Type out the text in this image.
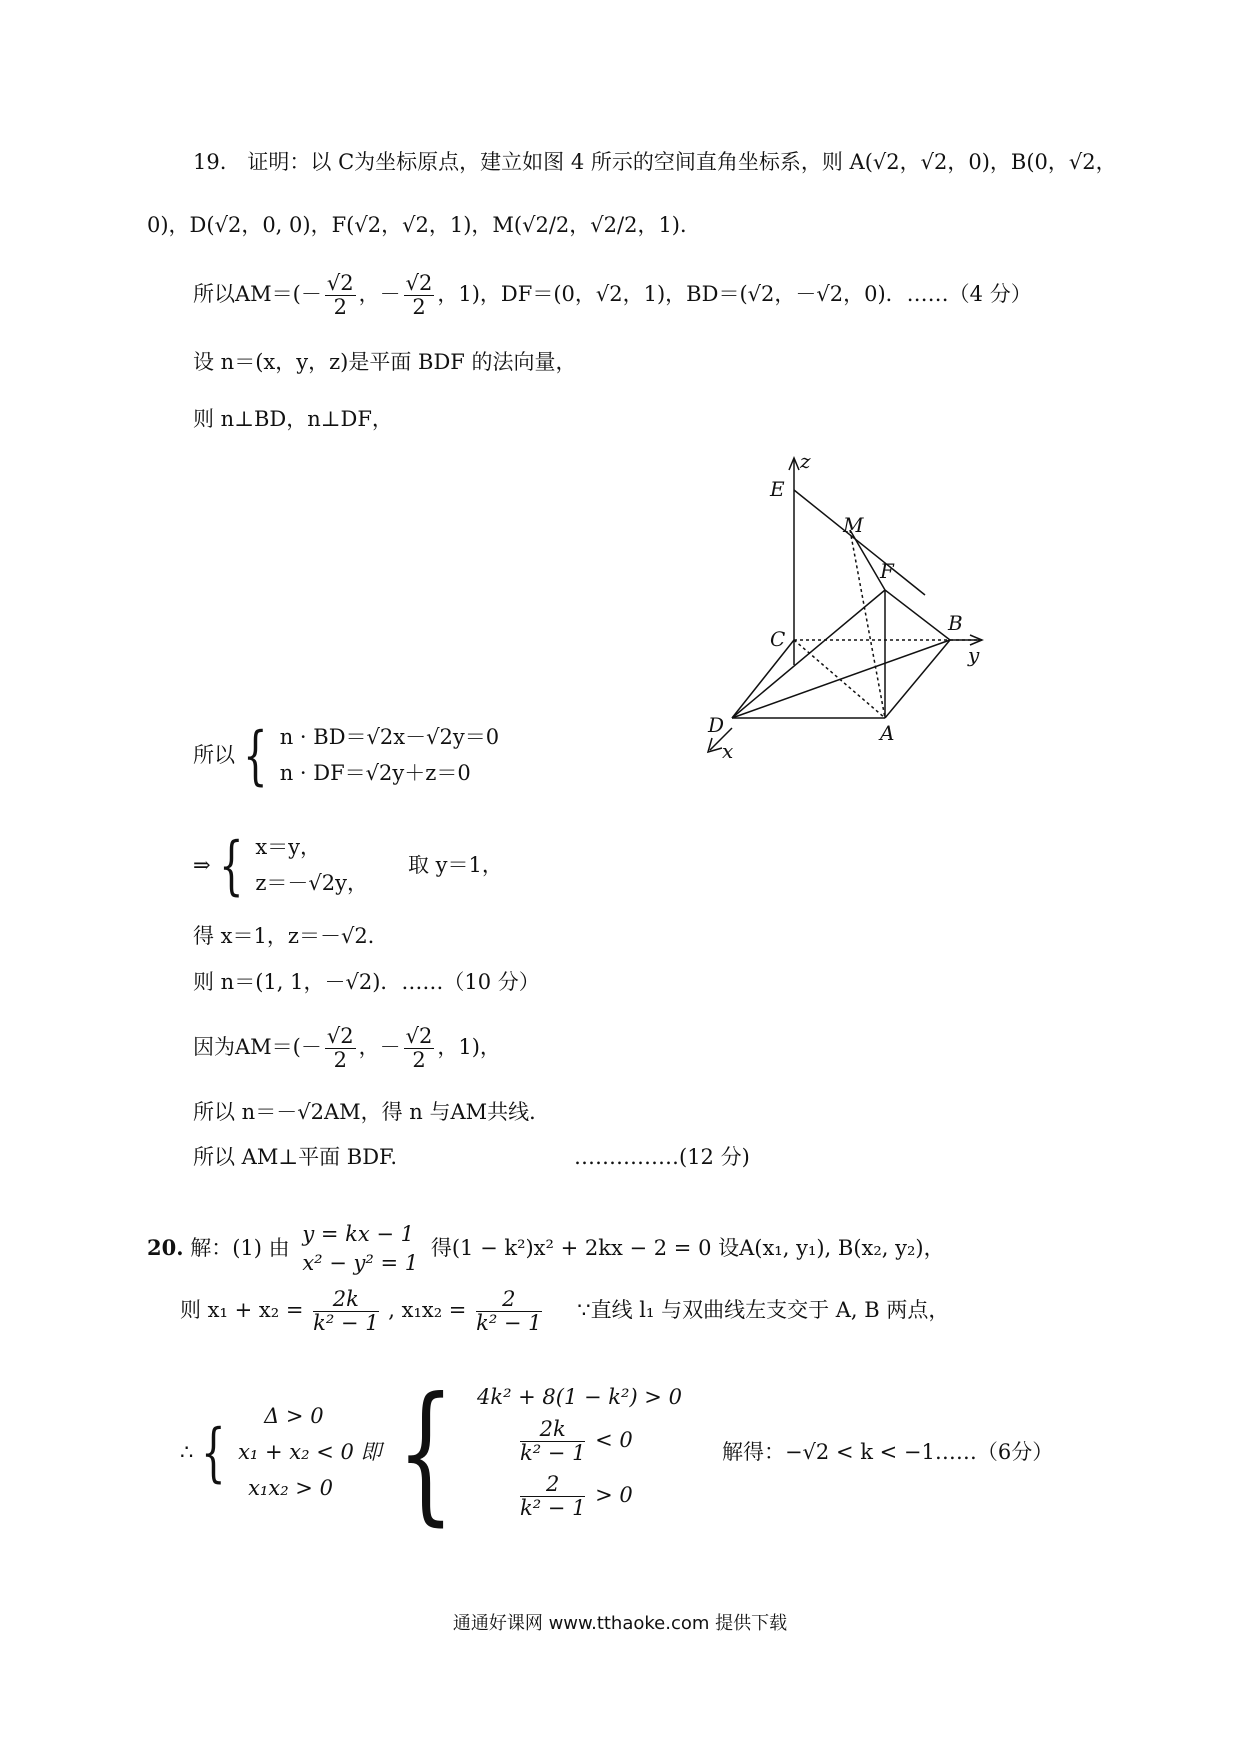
19.　证明：以 C为坐标原点，建立如图 4 所示的空间直角坐标系，则 A(√2，√2，0)，B(0，√2，
0)，D(√2，0, 0)，F(√2，√2，1)，M(√2/2，√2/2，1)．
所以$AM=(- \frac{√2}{2}$ ，－ $\frac{√2}{2}$ ，1)，DF＝(0，√2，1)，BD＝(√2，－√2，0)．……（4 分）
设 n＝(x，y，z)是平面 BDF 的法向量，
则 n⊥BD，n⊥DF，
所以 { n · BD＝√2x－√2y＝0
n · DF＝√2y＋z＝0
⇒ { x＝y，
z＝－√2y，
取 y＝1，
得 x＝1，z＝－√2.
则 n＝(1, 1，－√2)．……（10 分）
因为$AM=(- \frac{√2}{2}$ ，－ $\frac{√2}{2}$ ，1)，
所以 n＝－√2AM，得 n 与AM共线．
所以 AM⊥平面 BDF.	……………(12 分)
z
E
M
F
C
B
y
D	A
x
20. 解：(1) 由
y = kx − 1
x² − y² = 1
得(1 − k²)x² + 2kx − 2 = 0 设A(x₁, y₁), B(x₂, y₂)，
则 $x_1 + x_2 = \frac{2k}{\text{k² − 1}}$ , $x_1x_2 = \frac{2}{\text{k² − 1}}$ ∵直线 l₁ 与双曲线左支交于 A, B 两点，
∴ {	Δ > 0
x₁ + x₂ < 0 即
x₁x₂ > 0 { 4k² + 8(1 − k²) > 0
$\frac{2k}{\text{k² − 1}} < 0$
$\frac{2}{\text{k² − 1}} > 0$
解得：−√2 < k < −1……（6分）
通通好课网 www.tthaoke.com 提供下载
